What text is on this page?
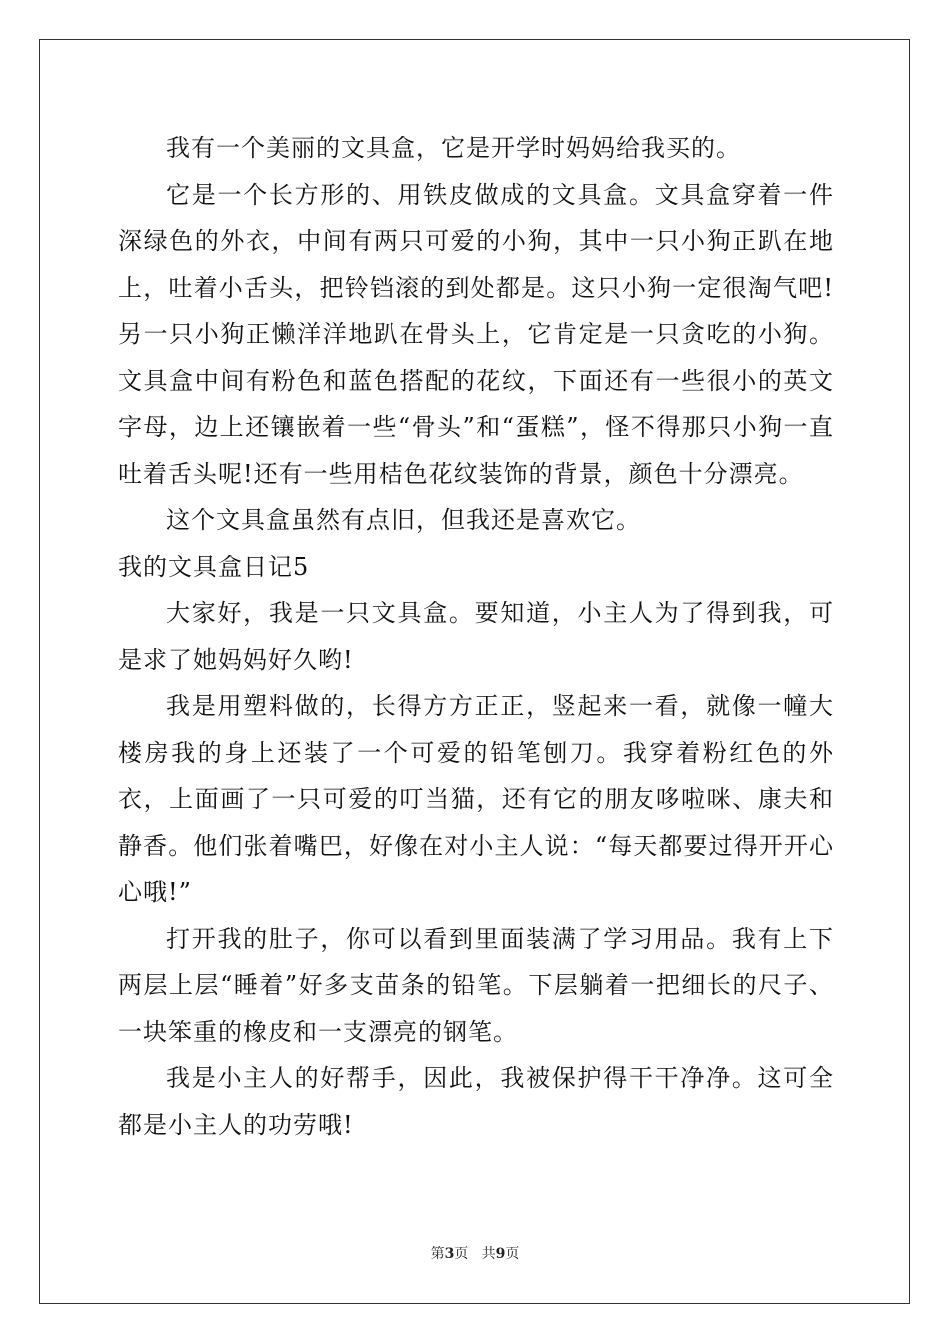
我有一个美丽的文具盒，它是开学时妈妈给我买的。

它是一个长方形的、用铁皮做成的文具盒。文具盒穿着一件深绿色的外衣，中间有两只可爱的小狗，其中一只小狗正趴在地上，吐着小舌头，把铃铛滚的到处都是。这只小狗一定很淘气吧!另一只小狗正懒洋洋地趴在骨头上，它肯定是一只贪吃的小狗。文具盒中间有粉色和蓝色搭配的花纹，下面还有一些很小的英文字母，边上还镶嵌着一些“骨头”和“蛋糕”，怪不得那只小狗一直吐着舌头呢!还有一些用桔色花纹装饰的背景，颜色十分漂亮。

这个文具盒虽然有点旧，但我还是喜欢它。

我的文具盒日记5

大家好，我是一只文具盒。要知道，小主人为了得到我，可是求了她妈妈好久哟!

我是用塑料做的，长得方方正正，竖起来一看，就像一幢大楼房我的身上还装了一个可爱的铅笔刨刀。我穿着粉红色的外衣，上面画了一只可爱的叮当猫，还有它的朋友哆啦咪、康夫和静香。他们张着嘴巴，好像在对小主人说：“每天都要过得开开心心哦!”

打开我的肚子，你可以看到里面装满了学习用品。我有上下两层上层“睡着”好多支苗条的铅笔。下层躺着一把细长的尺子、一块笨重的橡皮和一支漂亮的钢笔。

我是小主人的好帮手，因此，我被保护得干干净净。这可全都是小主人的功劳哦!

第3页 共9页
